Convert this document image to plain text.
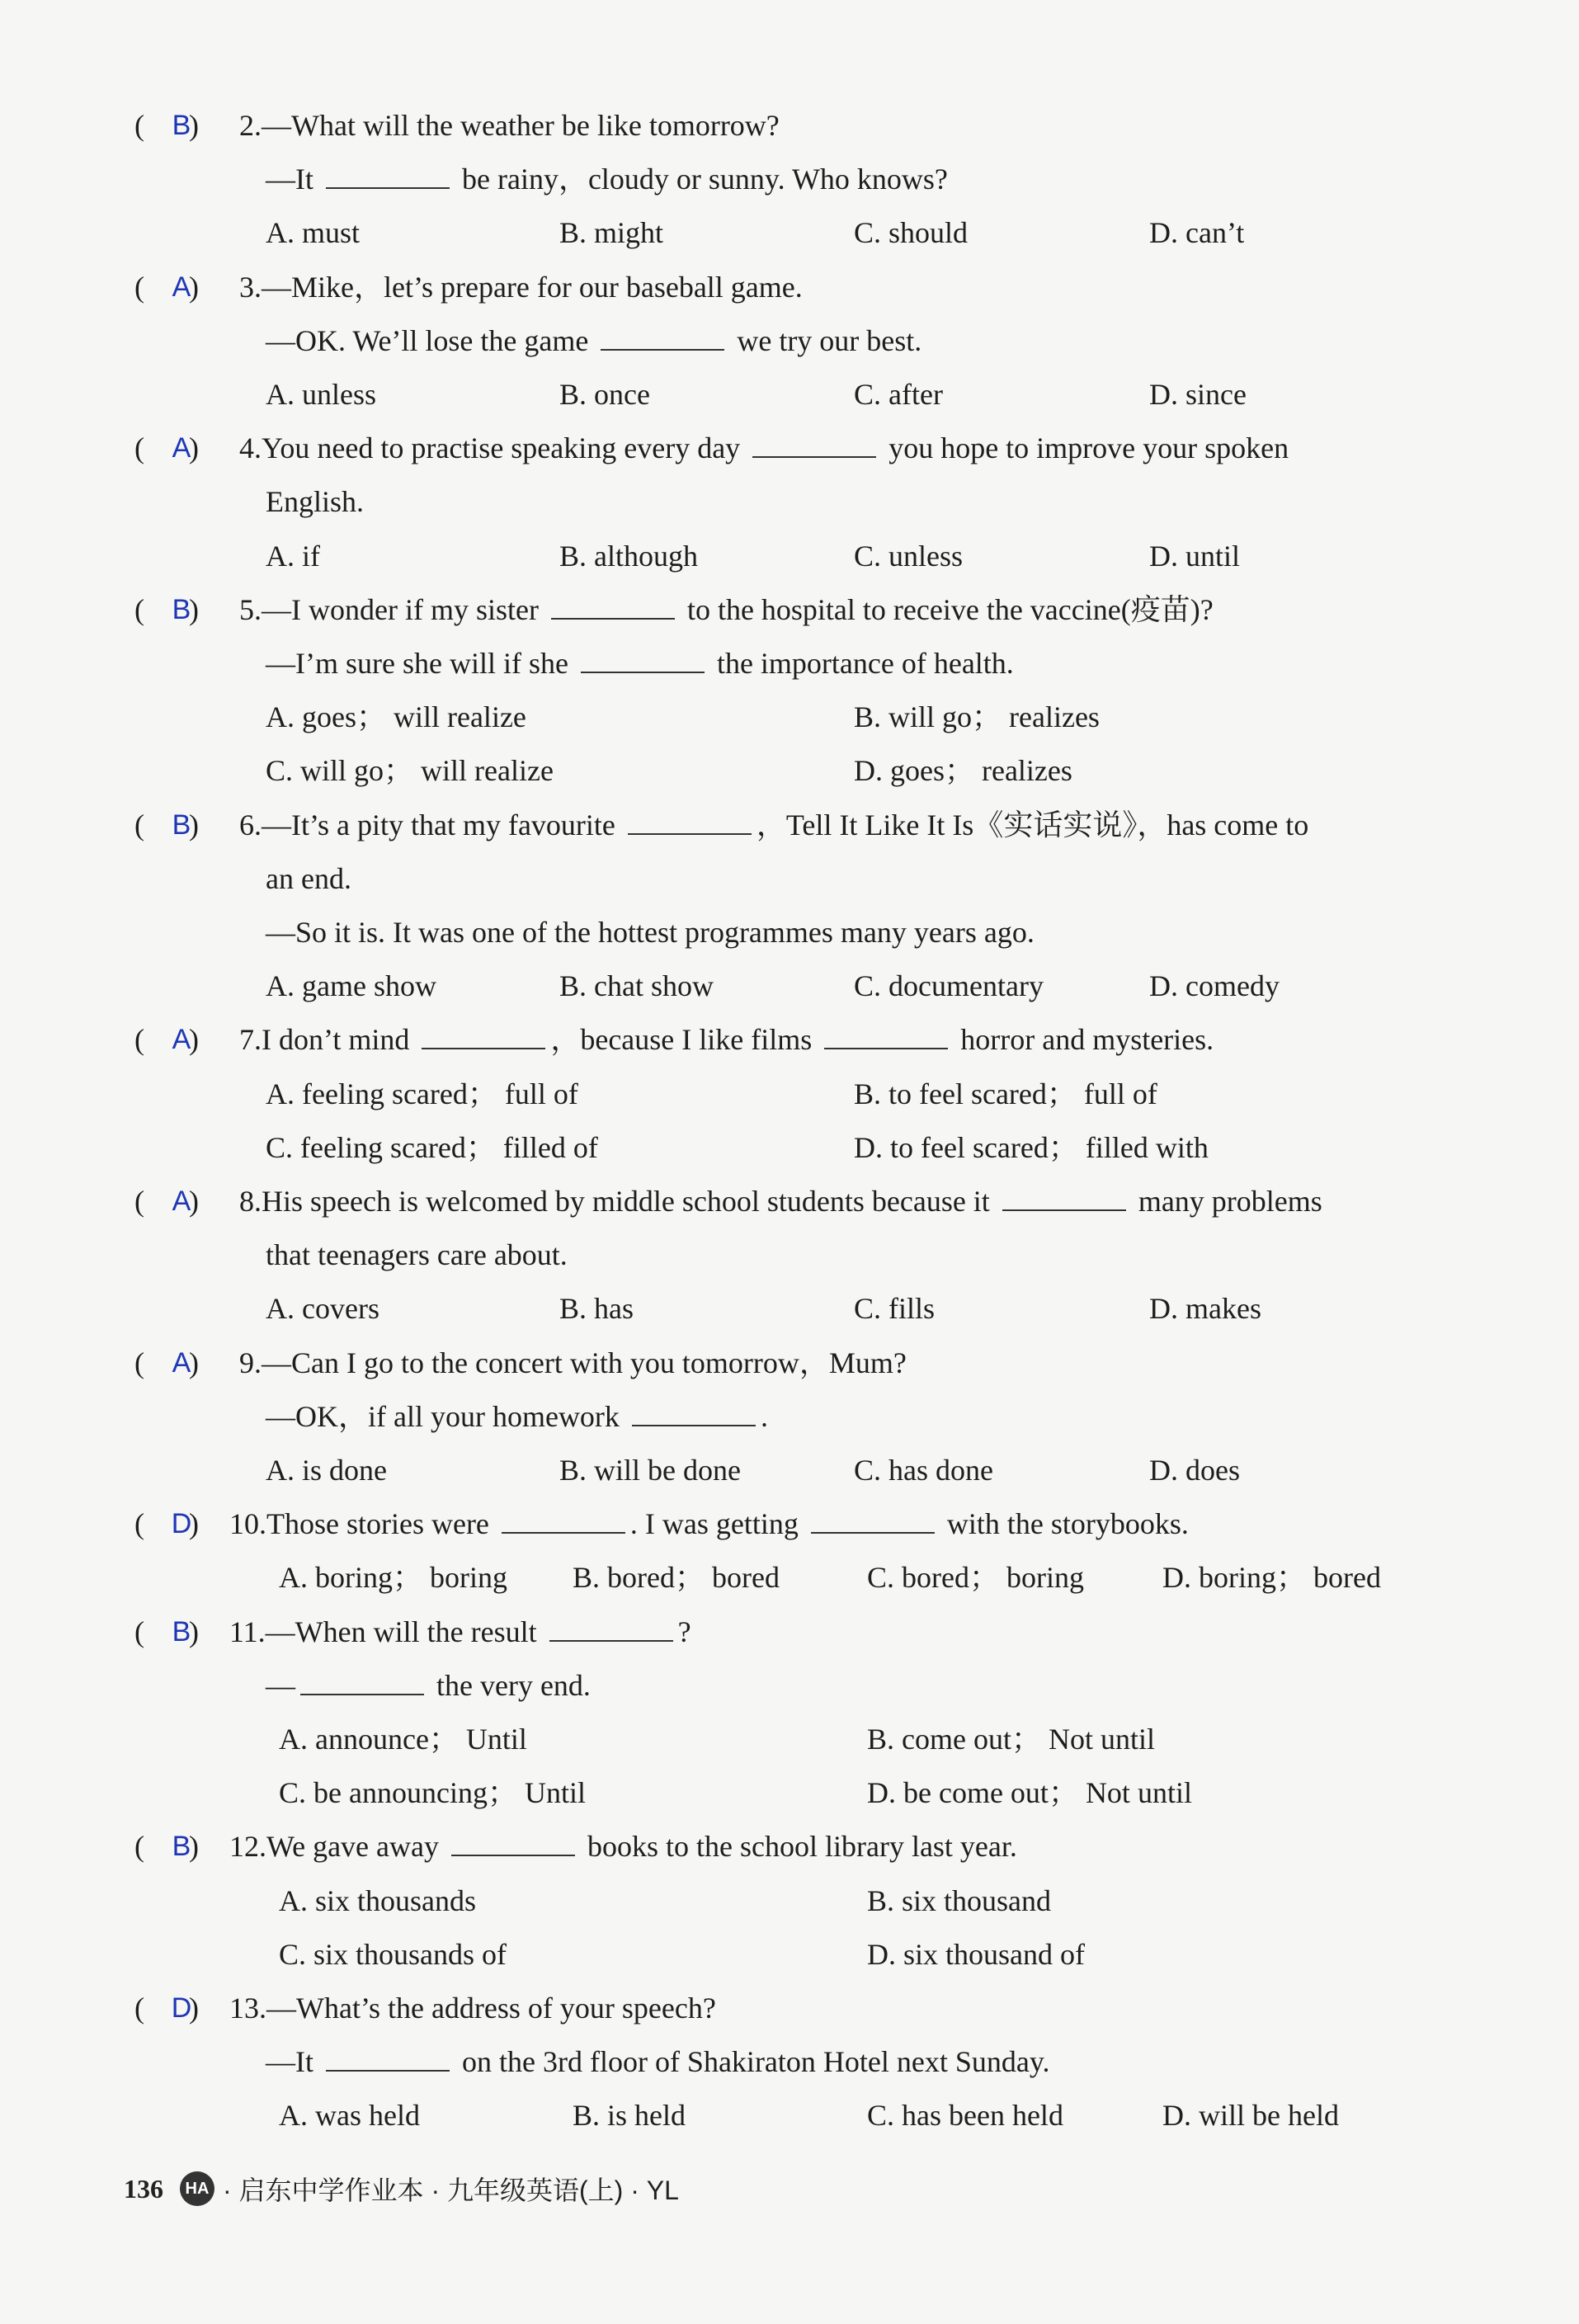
( )
B 2.—What will the weather be like tomorrow?
—It	be rainy，cloudy or sunny. Who knows?
A. must	B. might	C. should	D. can’t
( )
A 3.—Mike，let’s prepare for our baseball game.
—OK. We’ll lose the game	we try our best.
A. unless	B. once	C. after	D. since
( )
A 4.You need to practise speaking every day	you hope to improve your spoken
English.
A. if	B. although	C. unless	D. until
( )
B 5.—I wonder if my sister	to the hospital to receive the vaccine(疫苗)?
—I’m sure she will if she	the importance of health.
A. goes； will realize	B. will go； realizes
C. will go； will realize	D. goes； realizes
( )
B 6.—It’s a pity that my favourite	，Tell It Like It Is《实话实说》，has come to
an end.
—So it is. It was one of the hottest programmes many years ago.
A. game show	B. chat show	C. documentary	D. comedy
( )
A 7.I don’t mind	，because I like films	horror and mysteries.
A. feeling scared； full of	B. to feel scared； full of
C. feeling scared； filled of	D. to feel scared； filled with
( )
A 8.His speech is welcomed by middle school students because it	many problems
that teenagers care about.
A. covers	B. has	C. fills	D. makes
( )
A 9.—Can I go to the concert with you tomorrow，Mum?
—OK，if all your homework	.
A. is done	B. will be done	C. has done	D. does
( )
D 10.Those stories were	. I was getting	with the storybooks.
A. boring； boring B. bored； bored	C. bored； boring	D. boring； bored
( )
B 11.—When will the result	?
—	the very end.
A. announce； Until	B. come out； Not until
C. be announcing； Until	D. be come out； Not until
( )
B 12.We gave away	books to the school library last year.
A. six thousands	B. six thousand
C. six thousands of	D. six thousand of
( )
D 13.—What’s the address of your speech?
—It	on the 3rd floor of Shakiraton Hotel next Sunday.
A. was held	B. is held	C. has been held	D. will be held
136	HA · 启东中学作业本 · 九年级英语(上) · YL
